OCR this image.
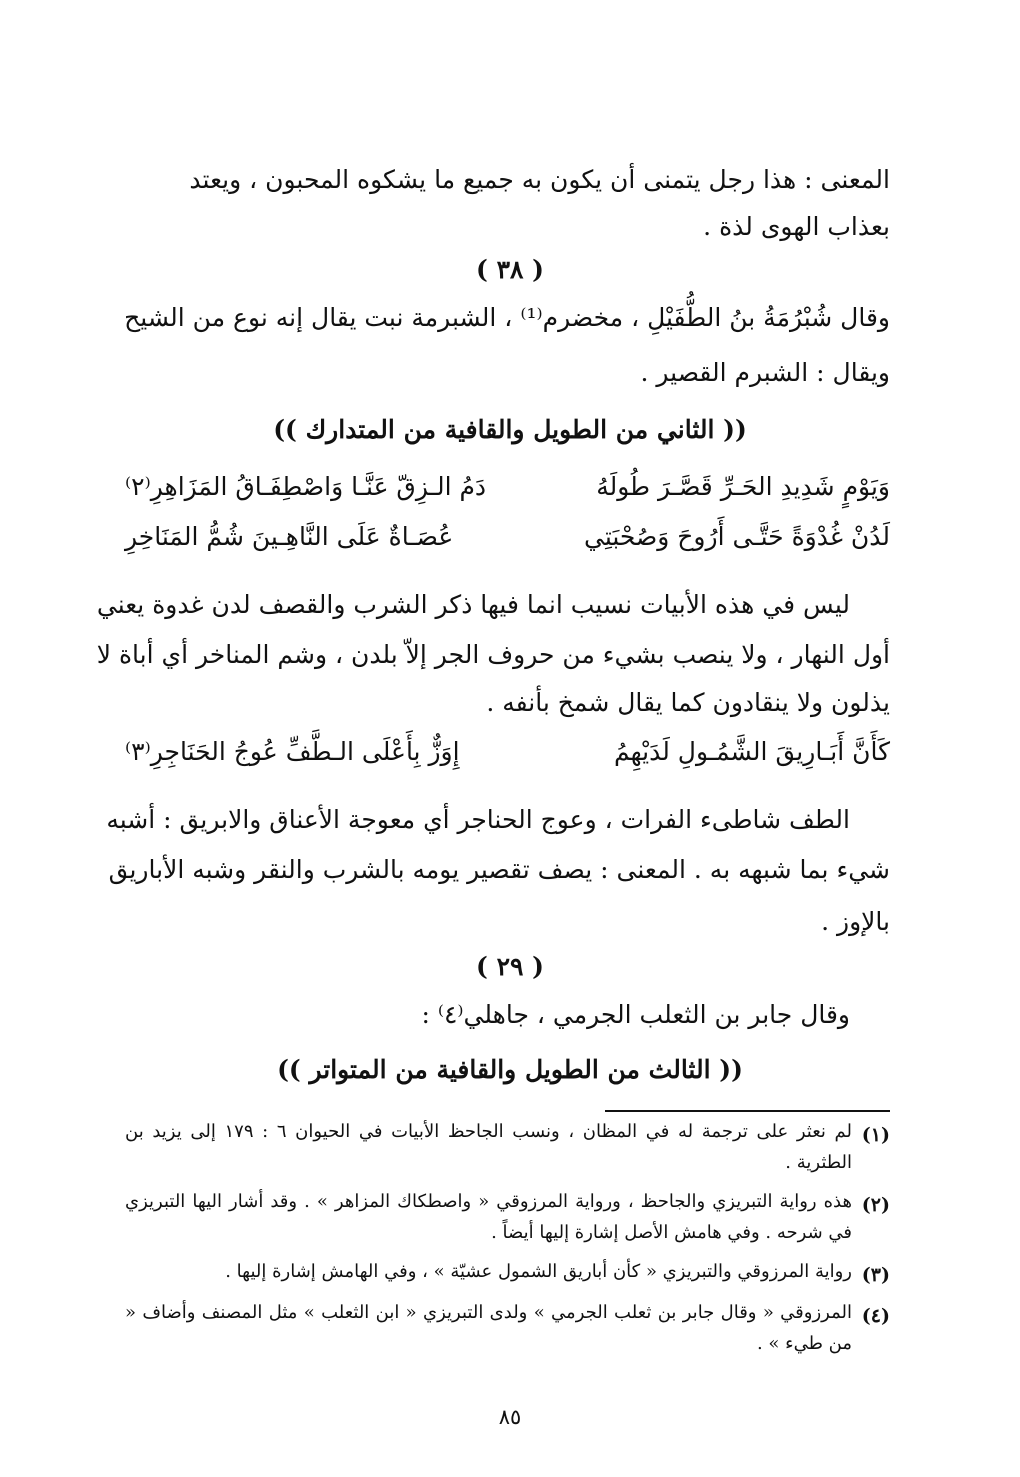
المعنى : هذا رجل يتمنى أن يكون به جميع ما يشكوه المحبون ، ويعتد
بعذاب الهوى لذة .
( ٣٨ )
وقال شُبْرُمَةُ بنُ الطُّفَيْلِ ، مخضرم⁽¹⁾ ، الشبرمة نبت يقال إنه نوع من الشيح
ويقال : الشبرم القصير .
(( الثاني من الطويل والقافية من المتدارك ))
وَيَوْمٍ شَدِيدِ الحَـرِّ قَصَّـرَ طُولَهُ
دَمُ الـزِقّ عَنَّـا وَاصْطِفَـاقُ المَزَاهِرِ⁽٢⁾
لَدُنْ غُدْوَةً حَتَّـى أَرُوحَ وَصُحْبَتِي
عُصَـاةٌ عَلَى النَّاهِـينَ شُمُّ المَنَاخِرِ
ليس في هذه الأبيات نسيب انما فيها ذكر الشرب والقصف لدن غدوة يعني
أول النهار ، ولا ينصب بشيء من حروف الجر إلاّ بلدن ، وشم المناخر أي أباة لا
يذلون ولا ينقادون كما يقال شمخ بأنفه .
كَأَنَّ أَبَـارِيقَ الشَّمُـولِ لَدَيْهِمُ
إِوَزٌّ بِأَعْلَى الـطَّفِّ عُوجُ الحَنَاجِرِ⁽٣⁾
الطف شاطىء الفرات ، وعوج الحناجر أي معوجة الأعناق والابريق : أشبه
شيء بما شبهه به . المعنى : يصف تقصير يومه بالشرب والنقر وشبه الأباريق
بالإوز .
( ٢٩ )
وقال جابر بن الثعلب الجرمي ، جاهلي⁽٤⁾ :
(( الثالث من الطويل والقافية من المتواتر ))
(١)
لم نعثر على ترجمة له في المظان ، ونسب الجاحظ الأبيات في الحيوان ٦ : ١٧٩ إلى يزيد بن الطثرية .
(٢)
هذه رواية التبريزي والجاحظ ، ورواية المرزوقي « واصطكاك المزاهر » . وقد أشار اليها التبريزي في شرحه . وفي هامش الأصل إشارة إليها أيضاً .
(٣)
رواية المرزوقي والتبريزي « كأن أباريق الشمول عشيّة » ، وفي الهامش إشارة إليها .
(٤)
المرزوقي « وقال جابر بن ثعلب الجرمي » ولدى التبريزي « ابن الثعلب » مثل المصنف وأضاف « من طيء » .
٨٥
